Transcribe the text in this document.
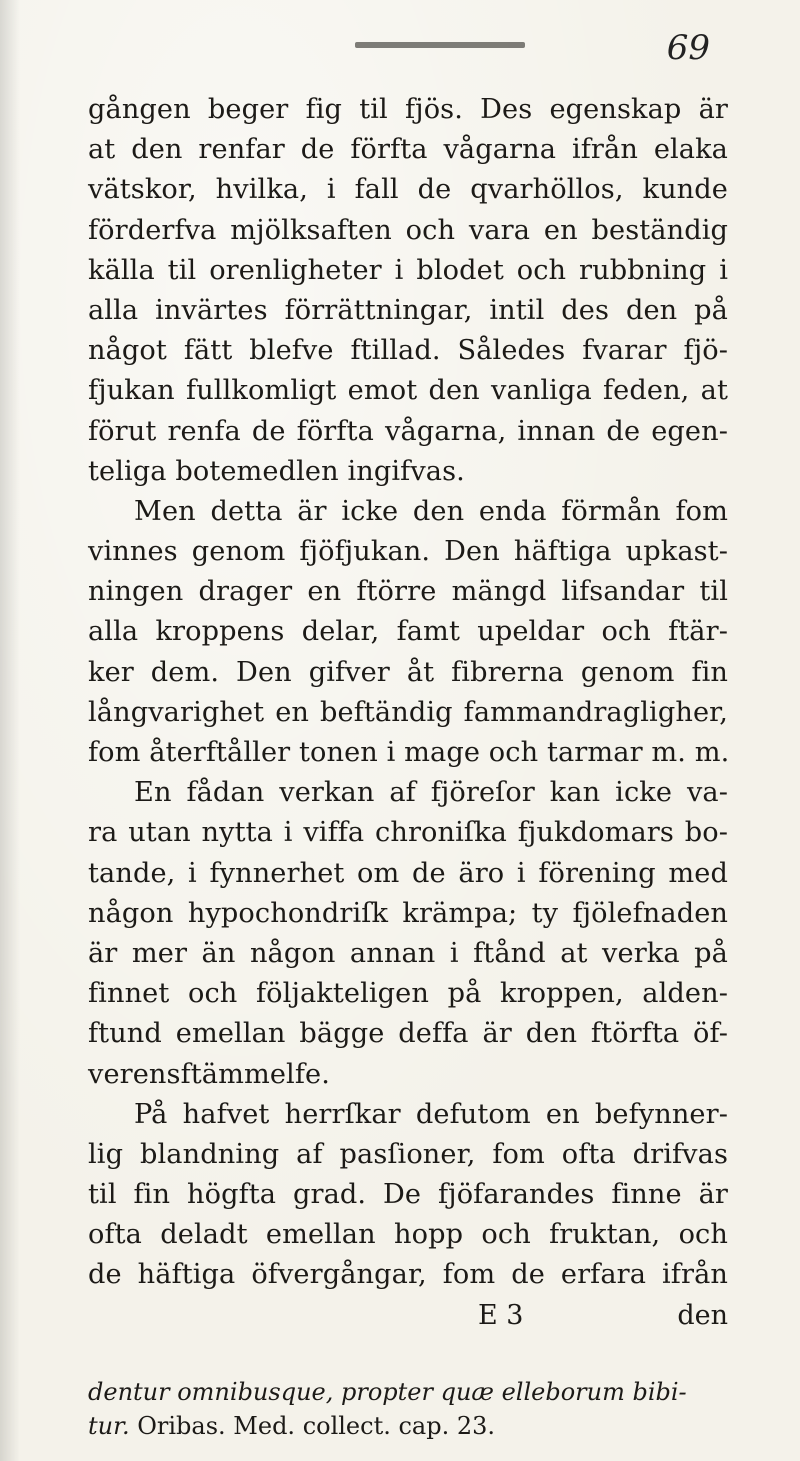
69
gången beger fig til fjös. Des egenskap är
at den renfar de förfta vågarna ifrån elaka
vätskor, hvilka, i fall de qvarhöllos, kunde
förderfva mjölksaften och vara en beständig
källa til orenligheter i blodet och rubbning i
alla invärtes förrättningar, intil des den på
något fätt blefve ftillad. Således fvarar fjö-
fjukan fullkomligt emot den vanliga feden, at
förut renfa de förfta vågarna, innan de egen-
teliga botemedlen ingifvas.
Men detta är icke den enda förmån fom
vinnes genom fjöfjukan. Den häftiga upkast-
ningen drager en ftörre mängd lifsandar til
alla kroppens delar, famt upeldar och ftär-
ker dem. Den gifver åt fibrerna genom fin
långvarighet en beftändig fammandragligher,
fom återftåller tonen i mage och tarmar m. m.
En fådan verkan af fjöreſor kan icke va-
ra utan nytta i viffa chroniſka fjukdomars bo-
tande, i fynnerhet om de äro i förening med
någon hypochondriſk krämpa; ty fjölefnaden
är mer än någon annan i ftånd at verka på
finnet och följakteligen på kroppen, alden-
ftund emellan bägge deffa är den ftörfta öf-
verensftämmelfe.
På hafvet herrſkar defutom en befynner-
lig blandning af pasſioner, fom ofta drifvas
til fin högfta grad. De fjöfarandes finne är
ofta deladt emellan hopp och fruktan, och
de häftiga öfvergångar, fom de erfara ifrån
E 3	den
dentur omnibusque, propter quæ elleborum bibi-
tur. Oribas. Med. collect. cap. 23.
